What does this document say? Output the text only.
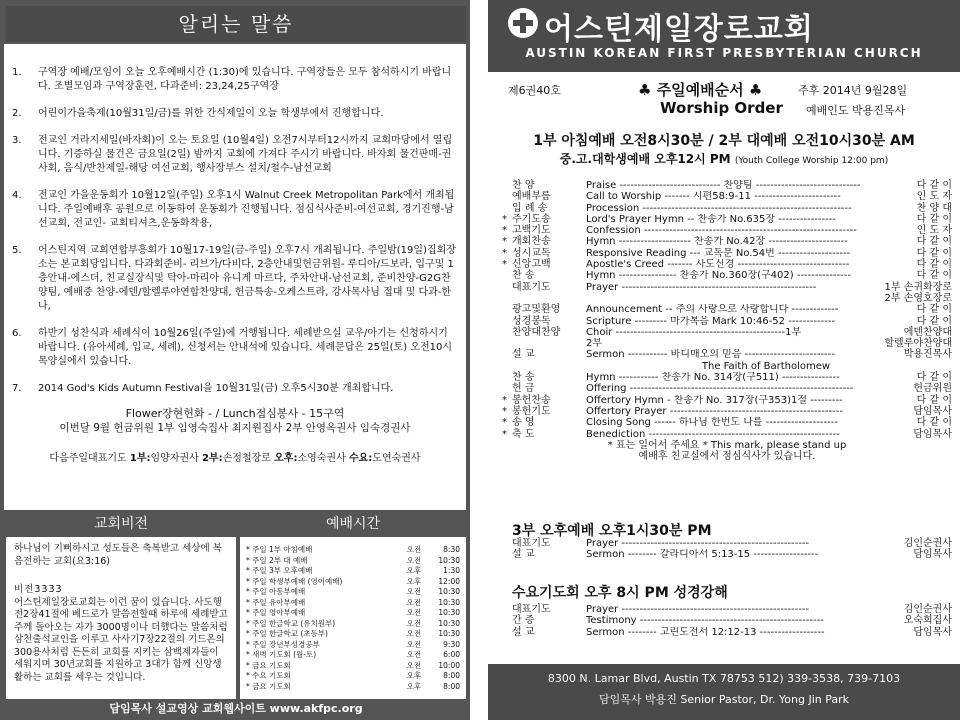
알리는 말씀
1. 구역장 예배/모임이 오늘 오후예배시간 (1:30)에 있습니다. 구역장들은 모두 참석하시기 바랍니다. 조별모임과 구역장훈련, 다과준비: 23,24,25구역장
2. 어린이가을축제(10월31일/금)를 위한 간식제일이 오늘 학생부에서 진행합니다.
3. 전교인 거라지세일(바자회)이 오는 토요일 (10월4일) 오전7시부터12시까지 교회마당에서 열립니다. 기증하실 물건은 금요일(2일) 밤까지 교회에 가져다 주시기 바랍니다. 바자회 물건판매-권사회, 음식/반찬제일-해당 여선교회, 행사장부스 설치/철수-남선교회
4. 전교인 가을운동회가 10월12일(주일) 오후1시 Walnut Creek Metropolitan Park에서 개최됩니다. 주일예배후 공원으로 이동하여 운동회가 진행됩니다. 점심식사준비-여선교회, 경기진행-남선교회, 전교인- 교회티셔츠,운동화착용,
5. 어스틴지역 교회연합부흥회가 10월17-19일(금-주일) 오후7시 개최됩니다. 주일밤(19일)집회장소는 본교회당입니다. 다과회준비- 리브가/다비다, 2층안내및헌금위원- 루디아/드보라, 입구및 1층안내-에스더, 친교실장식및 탁아-마리아 유니게 마르다, 주차안내-남선교회, 준비찬양-G2G찬양팀, 예배중 찬양-에덴/할렐루야연합찬양대, 헌금특송-오케스트라, 강사목사님 접대 및 다과-한나,
6. 하반기 성찬식과 세례식이 10월26일(주일)에 거행됩니다. 세례받으실 교우/아기는 신청하시기 바랍니다. (유아세례, 입교, 세례), 신청서는 안내석에 있습니다. 세례문답은 25일(토) 오전10시 목양실에서 있습니다.
7. 2014 God's Kids Autumn Festival을 10월31일(금) 오후5시30분 개최합니다.
Flower장현헌화 - / Lunch점심봉사 - 15구역
이번달 9월 헌금위원 1부 임영숙집사 최지원집사 2부 안영옥권사 임숙경권사
다음주일대표기도 1부:임양자권사 2부:손정철장로 오후:소영숙권사 수요:도연숙권사
교회비전	예배시간
하나님이 기뻐하시고 성도들은 축복받고 세상에 복음전하는 교회(요3:16)
비전3333
어스틴제일장로교회는 이런 꿈이 있습니다. 사도행전2장41절에 베드로가 말씀전할때 하루에 세례받고 주께 돌아오는 자가 3000명이나 더했다는 말씀처럼 삼천출석교인을 이루고 사사기7장22절의 기드온의 300용사처럼 든든히 교회를 지키는 삼백제자들이 세워지며 30년교회를 지원하고 3대가 함께 신앙생활하는 교회를 세우는 것입니다.
* 주일 1부 아침예배	오전	8:30
* 주일 2부 대 예배	오전	10:30
* 주일 3부 오후예배	오후	1:30
* 주일 학생부예배 (영어예배)	오후	12:00
* 주일 아동부예배	오전	10:30
* 주일 유아부예배	오전	10:30
* 주일 영아부예배	오전	10:30
* 주일 한글학교 (유치원부)	오전	10:30
* 주일 한글학교 (초등부)	오전	10:30
* 주일 장년부성경공부	오전	9:30
* 새벽 기도회 (월-토)	오전	6:00
* 금요 기도회	오전	10:00
* 수요 기도회	오후	8:00
* 금요 기도회	오후	8:00
담임목사 설교영상 교회웹사이트 www.akfpc.org
어스틴제일장로교회
AUSTIN KOREAN FIRST PRESBYTERIAN CHURCH
제6권40호	♣ 주일예배순서 ♣
Worship Order
주후 2014년 9월28일
예배인도 박용진목사
1부 아침예배 오전8시30분 / 2부 대예배 오전10시30분 AM
중.고.대학생예배 오후12시 PM (Youth College Worship 12:00 pm)
찬 양	Praise ---------------------------- 찬양팀 -----------------------------	다 같 이
예배부름	Call to Worship ------- 시편58:9-11 ------------------------	인 도 자
입 례 송	Procession ----------------------------------------------------------	찬 양 대
* 주기도송	Lord's Prayer Hymn -- 찬송가 No.635장 ----------------	다 같 이
* 고백기도	Confession -----------------------------------------------------------	인 도 자
* 개회찬송	Hymn -------------------- 찬송가 No.42장 ----------------------	다 같 이
* 성시교독	Responsive Reading --- 교독문 No.54번 --------------------	다 같 이
* 신앙고백	Apostle's Creed ------- 사도신경 -------------------------------	다 같 이
찬 송	Hymn ---------------- 찬송가 No.360장(구402) ---------------	다 같 이
대표기도	Prayer ------------------------------------------------------	1부 손귀화장로
2부 손영호장로
광고및환영	Announcement -- 주의 사랑으로 사랑합니다 -------------	다 같 이
성경봉독	Scripture --------- 마가복음 Mark 10:46-52 -------------	다 같 이
찬양대찬양	Choir -----------------------------------------------1부	에덴찬양대
2부	할렐루야찬양대
설 교	Sermon ----------- 바디매오의 믿음 -------------------------	박용진목사
The Faith of Bartholomew
찬 송	Hymn ----------- 찬송가 No. 314장(구511) ----------------	다 같 이
헌 금	Offering --------------------------------------------------------------	헌금위원
* 봉헌찬송	Offertory Hymn - 찬송가 No. 317장(구353)1절 ---------	다 같 이
* 봉헌기도	Offertory Prayer ------------------------------------------------	담임목사
* 송 영	Closing Song ------ 하나님 한번도 나를 --------------------	다 같 이
* 축 도	Benediction -----------------------------------------------------	담임목사
* 표는 일어서 주세요 * This mark, please stand up
예배후 친교실에서 점심식사가 있습니다.
3부 오후예배 오후1시30분 PM
대표기도	Prayer ----------------------------------------------------	김인순권사
설 교	Sermon -------- 갈라디아서 5:13-15 ------------------	담임목사
수요기도회 오후 8시 PM 성경강해
대표기도	Prayer ----------------------------------------------------	김인순권사
간 증	Testimony ---------------------------------------------------	오숙희집사
설 교	Sermon -------- 고린도전서 12:12-13 ------------------	담임목사
8300 N. Lamar Blvd, Austin TX 78753 512) 339-3538, 739-7103
담임목사 박용진 Senior Pastor, Dr. Yong Jin Park
